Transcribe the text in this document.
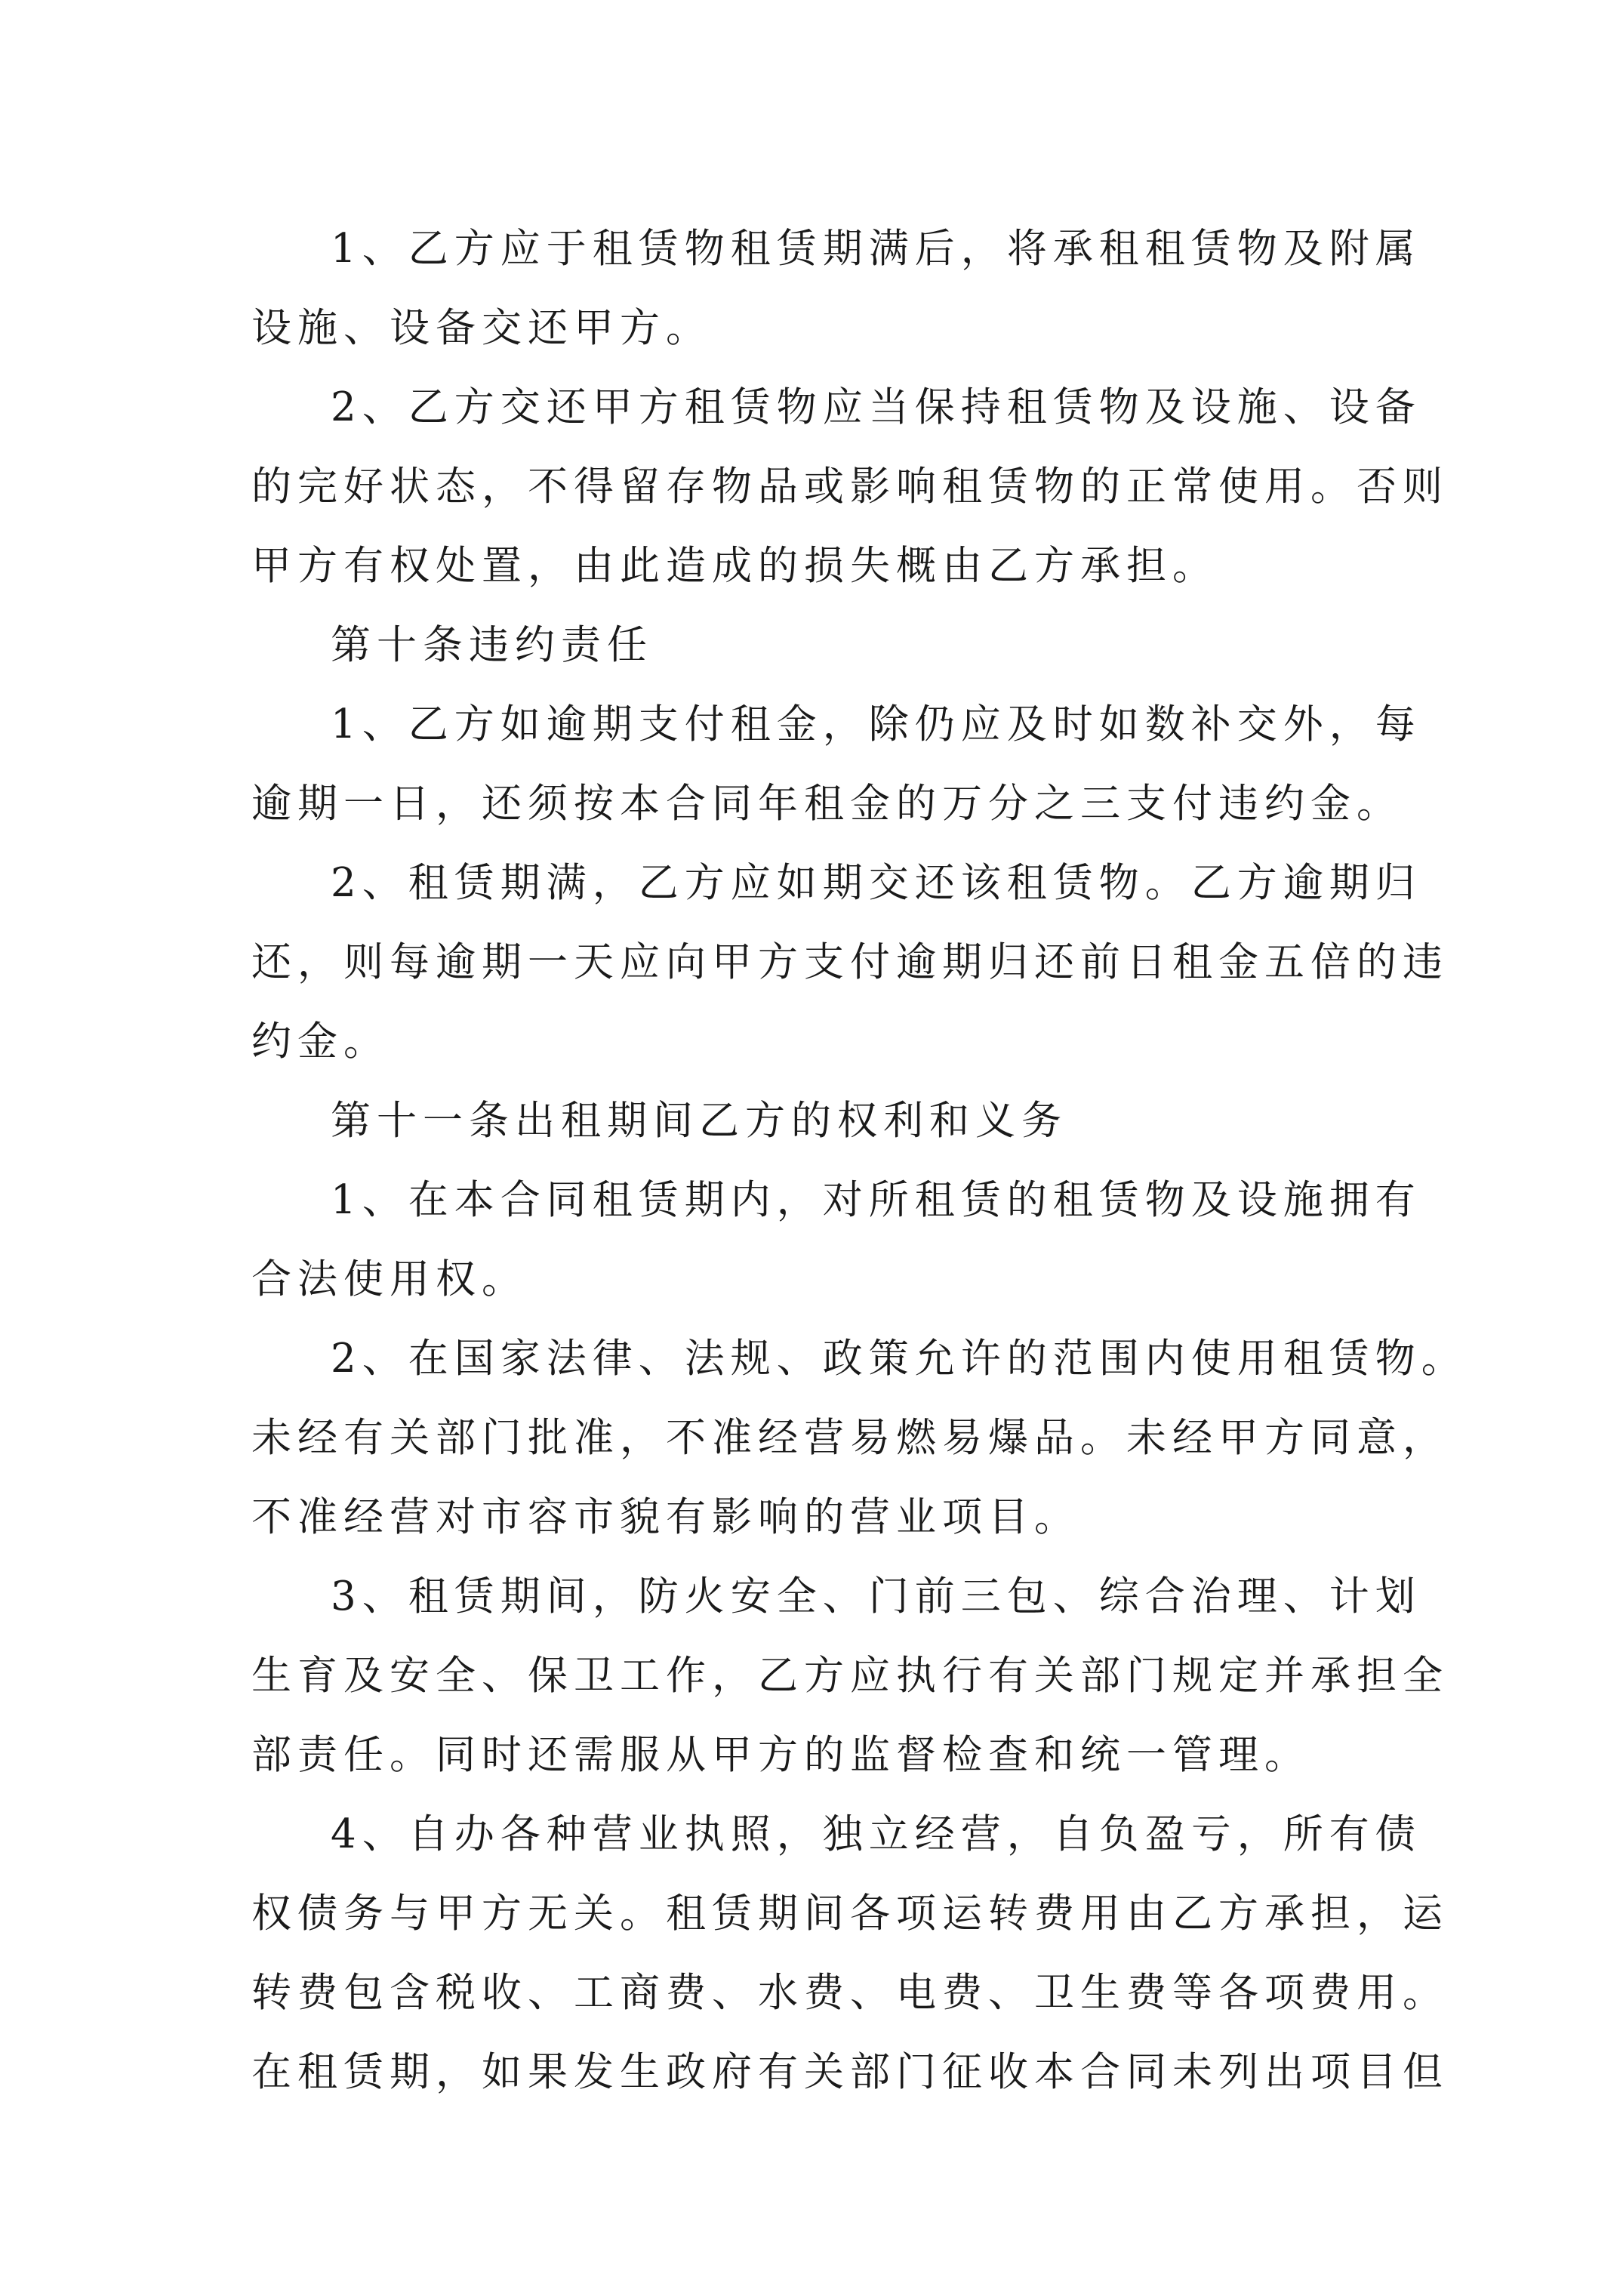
1、乙方应于租赁物租赁期满后，将承租租赁物及附属

设施、设备交还甲方。

2、乙方交还甲方租赁物应当保持租赁物及设施、设备

的完好状态，不得留存物品或影响租赁物的正常使用。否则

甲方有权处置，由此造成的损失概由乙方承担。

第十条违约责任

1、乙方如逾期支付租金，除仍应及时如数补交外，每

逾期一日，还须按本合同年租金的万分之三支付违约金。

2、租赁期满，乙方应如期交还该租赁物。乙方逾期归

还，则每逾期一天应向甲方支付逾期归还前日租金五倍的违

约金。

第十一条出租期间乙方的权利和义务

1、在本合同租赁期内，对所租赁的租赁物及设施拥有

合法使用权。

2、在国家法律、法规、政策允许的范围内使用租赁物。

未经有关部门批准，不准经营易燃易爆品。未经甲方同意，

不准经营对市容市貌有影响的营业项目。

3、租赁期间，防火安全、门前三包、综合治理、计划

生育及安全、保卫工作，乙方应执行有关部门规定并承担全

部责任。同时还需服从甲方的监督检查和统一管理。

4、自办各种营业执照，独立经营，自负盈亏，所有债

权债务与甲方无关。租赁期间各项运转费用由乙方承担，运

转费包含税收、工商费、水费、电费、卫生费等各项费用。

在租赁期，如果发生政府有关部门征收本合同未列出项目但
